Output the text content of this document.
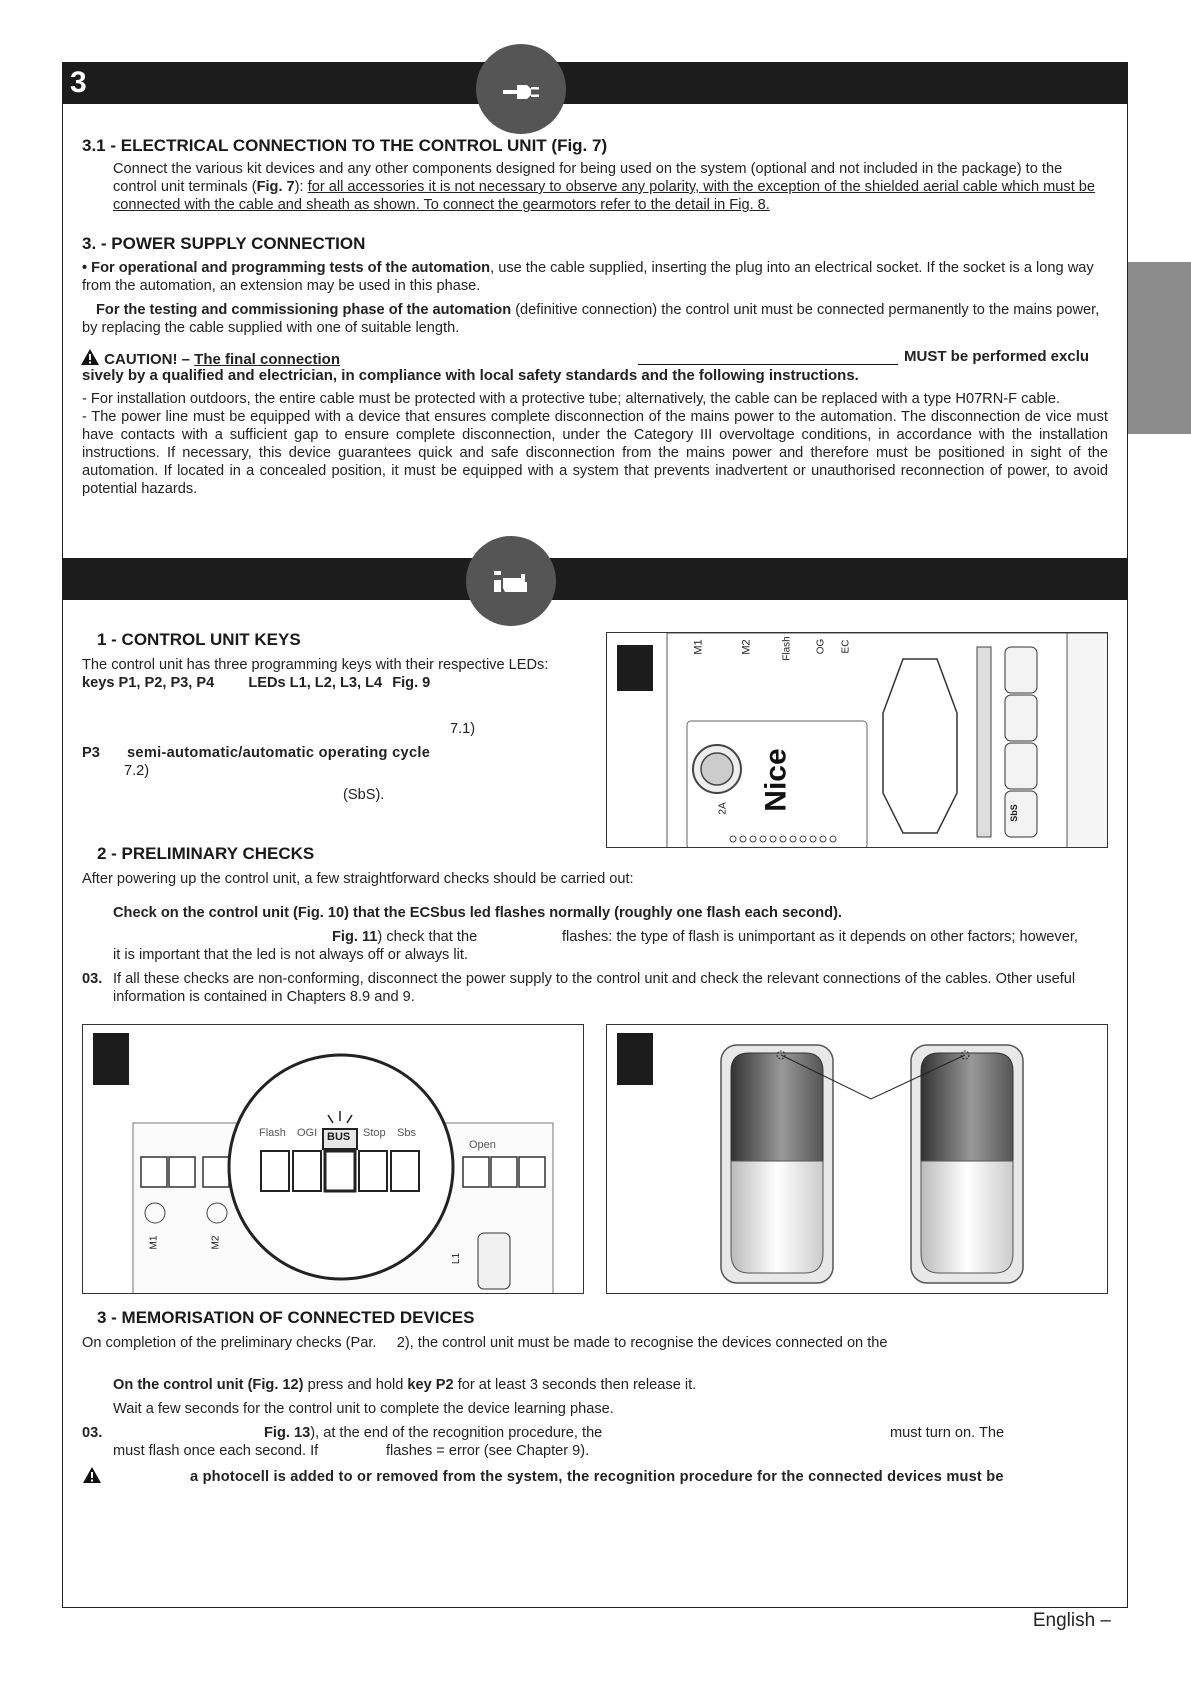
3
3.1 - ELECTRICAL CONNECTION TO THE CONTROL UNIT (Fig. 7)
Connect the various kit devices and any other components designed for being used on the system (optional and not included in the package) to the control unit terminals (Fig. 7): for all accessories it is not necessary to observe any polarity, with the exception of the shielded aerial cable which must be connected with the cable and sheath as shown. To connect the gearmotors refer to the detail in Fig. 8.
3. - POWER SUPPLY CONNECTION
• For operational and programming tests of the automation, use the cable supplied, inserting the plug into an electrical socket. If the socket is a long way from the automation, an extension may be used in this phase.
For the testing and commissioning phase of the automation (definitive connection) the control unit must be connected permanently to the mains power, by replacing the cable supplied with one of suitable length.
CAUTION! – The final connection	MUST be performed exclu
sively by a qualified and electrician, in compliance with local safety standards and the following instructions.
- For installation outdoors, the entire cable must be protected with a protective tube; alternatively, the cable can be replaced with a type H07RN-F cable.
- The power line must be equipped with a device that ensures complete disconnection of the mains power to the automation. The disconnection de vice must have contacts with a sufficient gap to ensure complete disconnection, under the Category III overvoltage conditions, in accordance with the installation instructions. If necessary, this device guarantees quick and safe disconnection from the mains power and therefore must be positioned in sight of the automation. If located in a concealed position, it must be equipped with a system that prevents inadvertent or unauthorised reconnection of power, to avoid potential hazards.
1 - CONTROL UNIT KEYS
The control unit has three programming keys with their respective LEDs:
keys P1, P2, P3, P4 LEDs L1, L2, L3, L4 Fig. 9
7.1)
P3 semi-automatic/automatic operating cycle
7.2)
(SbS).
M1	M2	Flash OG EC
Nice
2A	SbS
2 - PRELIMINARY CHECKS
After powering up the control unit, a few straightforward checks should be carried out:
Check on the control unit (Fig. 10) that the ECSbus led flashes normally (roughly one flash each second).
Fig. 11) check that the	flashes: the type of flash is unimportant as it depends on other factors; however,
it is important that the led is not always off or always lit.
03. If all these checks are non-conforming, disconnect the power supply to the control unit and check the relevant connections of the cables. Other useful information is contained in Chapters 8.9 and 9.
Flash OGI BUS Stop Sbs
Open
M1	M2
L1
3 - MEMORISATION OF CONNECTED DEVICES
On completion of the preliminary checks (Par.     2), the control unit must be made to recognise the devices connected on the
On the control unit (Fig. 12) press and hold key P2 for at least 3 seconds then release it.
Wait a few seconds for the control unit to complete the device learning phase.
03.	Fig. 13), at the end of the recognition procedure, the	must turn on. The
must flash once each second. If	flashes = error (see Chapter 9).
a photocell is added to or removed from the system, the recognition procedure for the connected devices must be
English –
